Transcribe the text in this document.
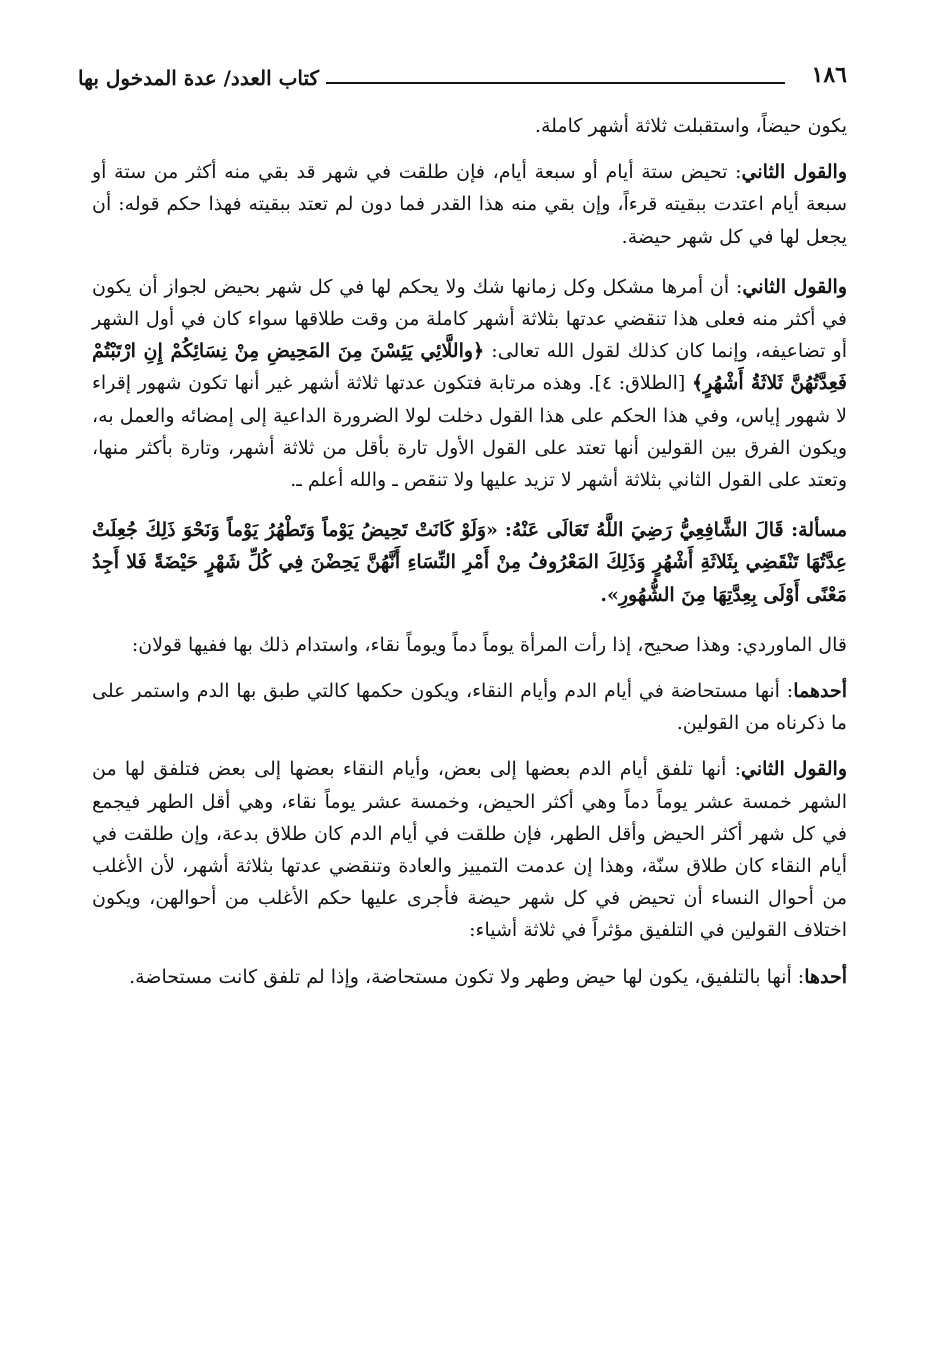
١٨٦
كتاب العدد/ عدة المدخول بها

يكون حيضاً، واستقبلت ثلاثة أشهر كاملة.

والقول الثاني: تحيض ستة أيام أو سبعة أيام، فإن طلقت في شهر قد بقي منه أكثر من ستة أو سبعة أيام اعتدت ببقيته قرءاً، وإن بقي منه هذا القدر فما دون لم تعتد ببقيته فهذا حكم قوله: أن يجعل لها في كل شهر حيضة.

والقول الثاني: أن أمرها مشكل وكل زمانها شك ولا يحكم لها في كل شهر بحيض لجواز أن يكون في أكثر منه فعلى هذا تنقضي عدتها بثلاثة أشهر كاملة من وقت طلاقها سواء كان في أول الشهر أو تضاعيفه، وإنما كان كذلك لقول الله تعالى: ﴿واللَّائِي يَئِسْنَ مِنَ المَحِيضِ مِنْ نِسَائِكُمْ إِنِ ارْتَبْتُمْ فَعِدَّتُهُنَّ ثَلاثَةُ أَشْهُرٍ﴾ [الطلاق: ٤]. وهذه مرتابة فتكون عدتها ثلاثة أشهر غير أنها تكون شهور إقراء لا شهور إياس، وفي هذا الحكم على هذا القول دخلت لولا الضرورة الداعية إلى إمضائه والعمل به، ويكون الفرق بين القولين أنها تعتد على القول الأول تارة بأقل من ثلاثة أشهر، وتارة بأكثر منها، وتعتد على القول الثاني بثلاثة أشهر لا تزيد عليها ولا تنقص ـ والله أعلم ـ.

مسألة: قَالَ الشَّافِعِيُّ رَضِيَ اللَّهُ تَعَالَى عَنْهُ: «وَلَوْ كَانَتْ تَحِيضُ يَوْماً وَتَطْهُرُ يَوْماً وَنَحْوَ ذَلِكَ جُعِلَتْ عِدَّتُهَا تَنْقَضِي بِثَلاثَةِ أَشْهُرٍ وَذَلِكَ المَعْرُوفُ مِنْ أَمْرِ النِّسَاءِ أَنَّهُنَّ يَحِضْنَ فِي كُلِّ شَهْرٍ حَيْضَةً فَلا أَجِدُ مَعْنًى أَوْلَى بِعِدَّتِهَا مِنَ الشُّهُورِ».

قال الماوردي: وهذا صحيح، إذا رأت المرأة يوماً دماً ويوماً نقاء، واستدام ذلك بها ففيها قولان:

أحدهما: أنها مستحاضة في أيام الدم وأيام النقاء، ويكون حكمها كالتي طبق بها الدم واستمر على ما ذكرناه من القولين.

والقول الثاني: أنها تلفق أيام الدم بعضها إلى بعض، وأيام النقاء بعضها إلى بعض فتلفق لها من الشهر خمسة عشر يوماً دماً وهي أكثر الحيض، وخمسة عشر يوماً نقاء، وهي أقل الطهر فيجمع في كل شهر أكثر الحيض وأقل الطهر، فإن طلقت في أيام الدم كان طلاق بدعة، وإن طلقت في أيام النقاء كان طلاق سنّة، وهذا إن عدمت التمييز والعادة وتنقضي عدتها بثلاثة أشهر، لأن الأغلب من أحوال النساء أن تحيض في كل شهر حيضة فأجرى عليها حكم الأغلب من أحوالهن، ويكون اختلاف القولين في التلفيق مؤثراً في ثلاثة أشياء:

أحدها: أنها بالتلفيق، يكون لها حيض وطهر ولا تكون مستحاضة، وإذا لم تلفق كانت مستحاضة.
